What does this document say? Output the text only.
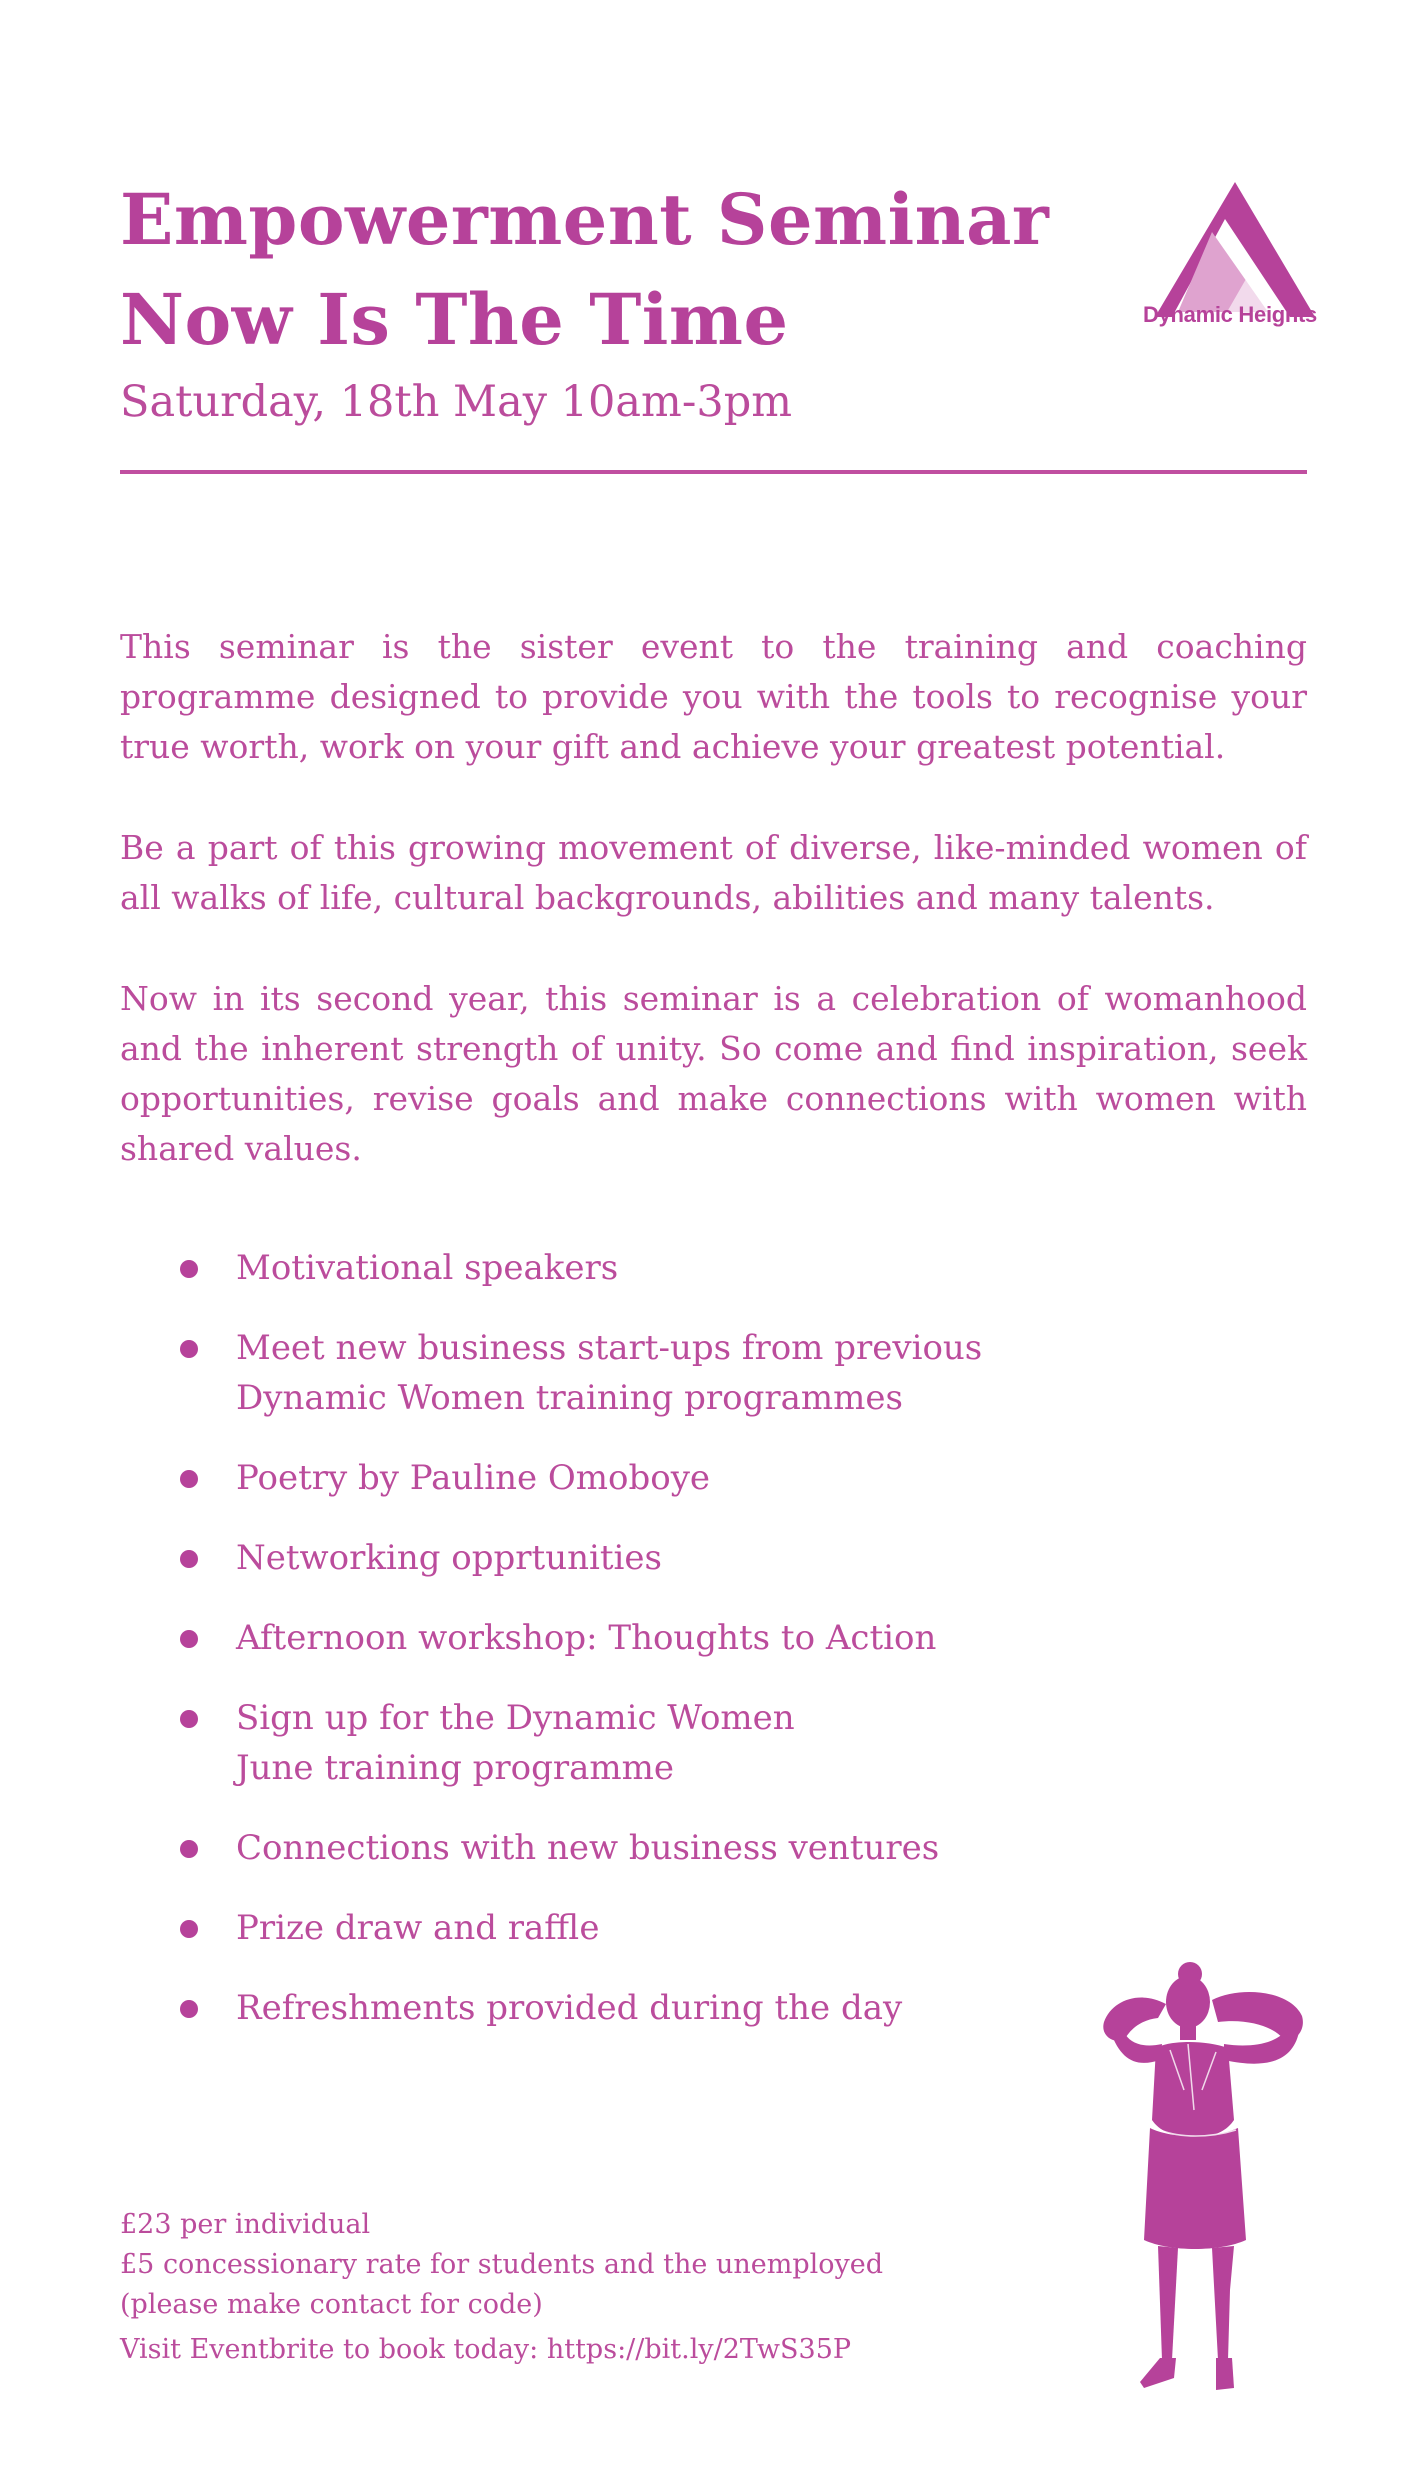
Empowerment Seminar
Now Is The Time	Dynamic Heights
Saturday, 18th May 10am-3pm

This seminar is the sister event to the training and coaching programme designed to provide you with the tools to recognise your true worth, work on your gift and achieve your greatest potential.

Be a part of this growing movement of diverse, like-minded women of all walks of life, cultural backgrounds, abilities and many talents.

Now in its second year, this seminar is a celebration of womanhood and the inherent strength of unity. So come and find inspiration, seek opportunities, revise goals and make connections with women with shared values.

Motivational speakers
Meet new business start-ups from previous
Dynamic Women training programmes
Poetry by Pauline Omoboye
Networking opprtunities
Afternoon workshop: Thoughts to Action
Sign up for the Dynamic Women
June training programme
Connections with new business ventures
Prize draw and raffle
Refreshments provided during the day
£23 per individual
£5 concessionary rate for students and the unemployed
(please make contact for code)
Visit Eventbrite to book today: https://bit.ly/2TwS35P
